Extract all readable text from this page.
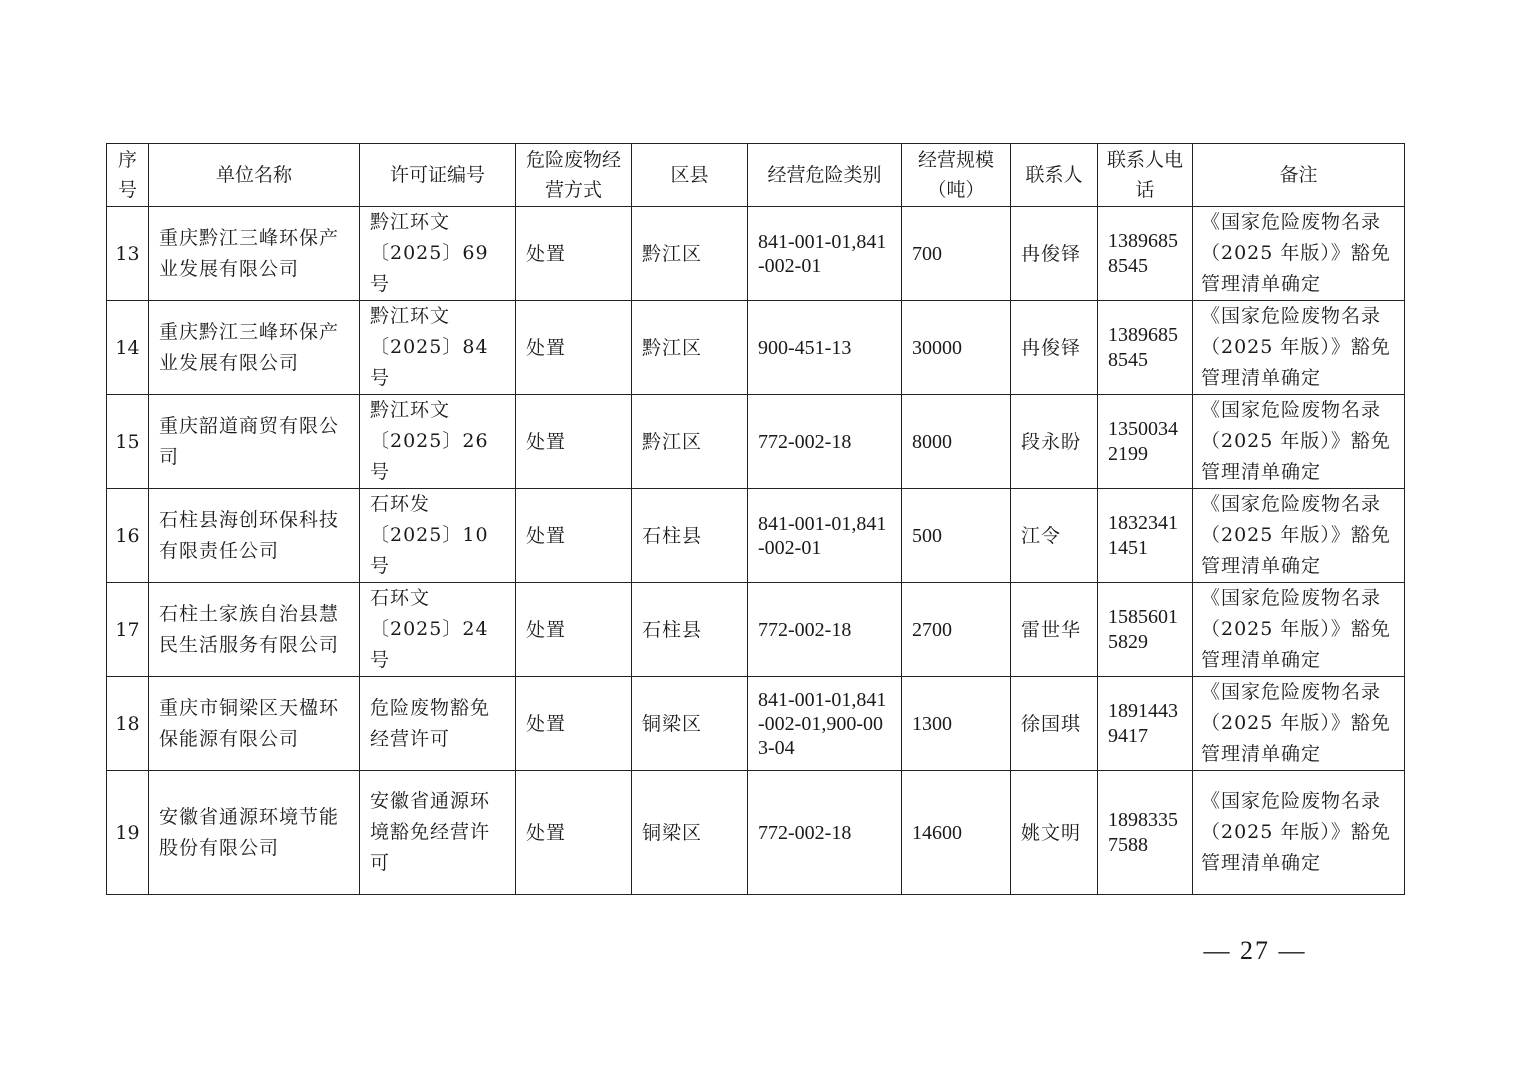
序号	单位名称	许可证编号	危险废物经营方式	区县	经营危险类别	经营规模（吨）	联系人	联系人电话	备注
13	重庆黔江三峰环保产业发展有限公司	黔江环文〔2025〕69 号	处置	黔江区	841-001-01,841-002-01	700	冉俊铎	13896858545	《国家危险废物名录（2025 年版）》豁免管理清单确定
14	重庆黔江三峰环保产业发展有限公司	黔江环文〔2025〕84 号	处置	黔江区	900-451-13	30000	冉俊铎	13896858545	《国家危险废物名录（2025 年版）》豁免管理清单确定
15	重庆韶道商贸有限公司	黔江环文〔2025〕26 号	处置	黔江区	772-002-18	8000	段永盼	13500342199	《国家危险废物名录（2025 年版）》豁免管理清单确定
16	石柱县海创环保科技有限责任公司	石环发〔2025〕10 号	处置	石柱县	841-001-01,841-002-01	500	江令	18323411451	《国家危险废物名录（2025 年版）》豁免管理清单确定
17	石柱土家族自治县慧民生活服务有限公司	石环文〔2025〕24 号	处置	石柱县	772-002-18	2700	雷世华	15856015829	《国家危险废物名录（2025 年版）》豁免管理清单确定
18	重庆市铜梁区天楹环保能源有限公司	危险废物豁免经营许可	处置	铜梁区	841-001-01,841-002-01,900-003-04	1300	徐国琪	18914439417	《国家危险废物名录（2025 年版）》豁免管理清单确定
19	安徽省通源环境节能股份有限公司	安徽省通源环境豁免经营许可	处置	铜梁区	772-002-18	14600	姚文明	18983357588	《国家危险废物名录（2025 年版）》豁免管理清单确定
— 27 —
